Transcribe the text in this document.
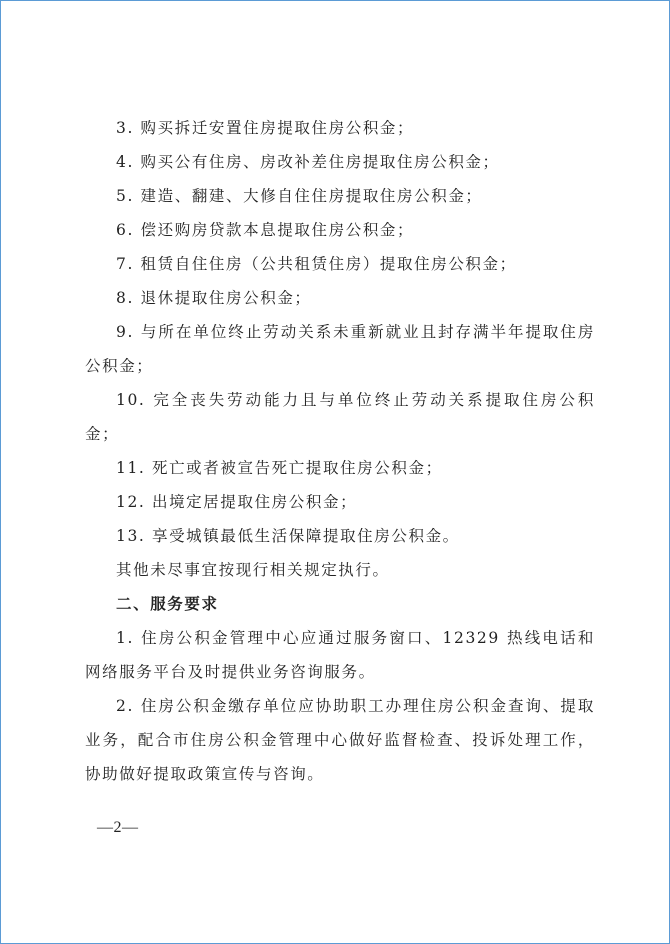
3. 购买拆迁安置住房提取住房公积金；

4. 购买公有住房、房改补差住房提取住房公积金；

5. 建造、翻建、大修自住住房提取住房公积金；

6. 偿还购房贷款本息提取住房公积金；

7. 租赁自住住房（公共租赁住房）提取住房公积金；

8. 退休提取住房公积金；

9. 与所在单位终止劳动关系未重新就业且封存满半年提取住房公积金；

10. 完全丧失劳动能力且与单位终止劳动关系提取住房公积金；

11. 死亡或者被宣告死亡提取住房公积金；

12. 出境定居提取住房公积金；

13. 享受城镇最低生活保障提取住房公积金。

其他未尽事宜按现行相关规定执行。

二、服务要求

1. 住房公积金管理中心应通过服务窗口、12329 热线电话和网络服务平台及时提供业务咨询服务。

2. 住房公积金缴存单位应协助职工办理住房公积金查询、提取业务，配合市住房公积金管理中心做好监督检查、投诉处理工作，协助做好提取政策宣传与咨询。

—2—
